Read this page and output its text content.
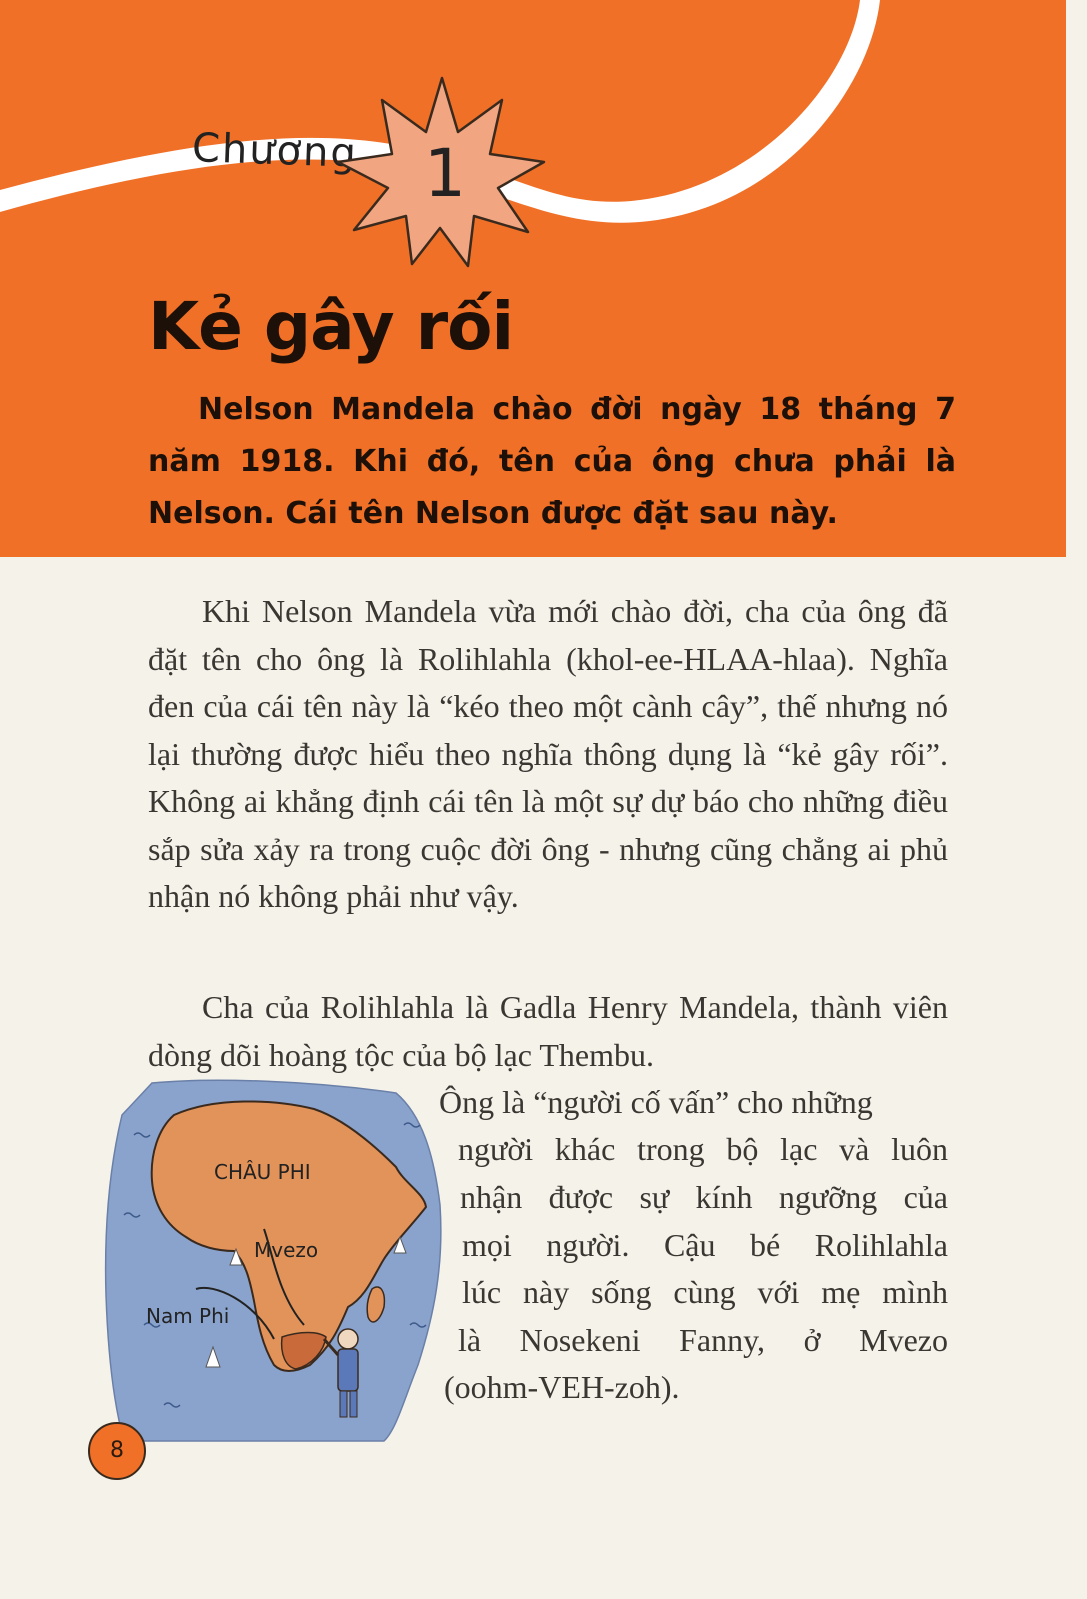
Chương 1
Kẻ gây rối

Nelson Mandela chào đời ngày 18 tháng 7 năm 1918. Khi đó, tên của ông chưa phải là Nelson. Cái tên Nelson được đặt sau này.

Khi Nelson Mandela vừa mới chào đời, cha của ông đã đặt tên cho ông là Rolihlahla (khol-ee-HLAA-hlaa). Nghĩa đen của cái tên này là “kéo theo một cành cây”, thế nhưng nó lại thường được hiểu theo nghĩa thông dụng là “kẻ gây rối”. Không ai khẳng định cái tên là một sự dự báo cho những điều sắp sửa xảy ra trong cuộc đời ông - nhưng cũng chẳng ai phủ nhận nó không phải như vậy.

Cha của Rolihlahla là Gadla Henry Mandela, thành viên dòng dõi hoàng tộc của bộ lạc Thembu.

Ông là “người cố vấn” cho những

người khác trong bộ lạc và luôn

nhận được sự kính ngưỡng của

mọi người. Cậu bé Rolihlahla

lúc này sống cùng với mẹ mình

là Nosekeni Fanny, ở Mvezo

(oohm-VEH-zoh).

CHÂU PHI
Mvezo
Nam Phi
8
